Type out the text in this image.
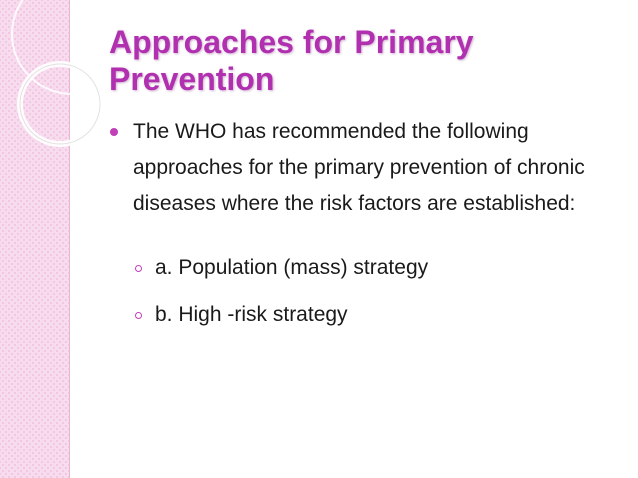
Approaches for Primary
Prevention
The WHO has recommended the following approaches for the primary prevention of chronic diseases where the risk factors are established:
a. Population (mass) strategy
b. High -risk strategy
